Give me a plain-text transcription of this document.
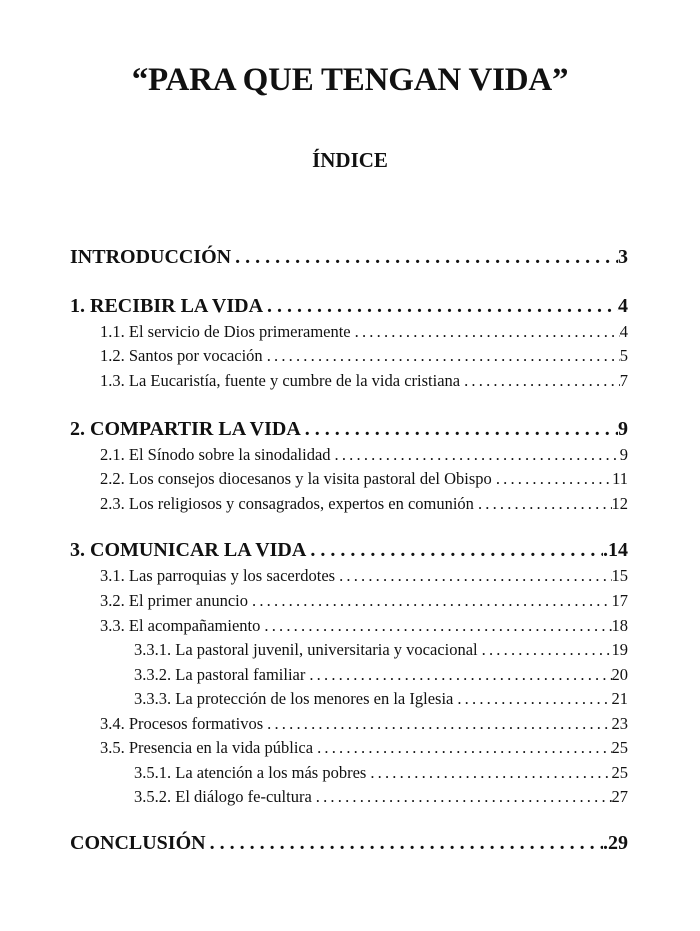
“PARA QUE TENGAN VIDA”
ÍNDICE
INTRODUCCIÓN . . .	3
1. RECIBIR LA VIDA . . .	4
1.1. El servicio de Dios primeramente .....	4
1.2. Santos por vocación .....	5
1.3. La Eucaristía, fuente y cumbre de la vida cristiana .....	7
2. COMPARTIR LA VIDA . . .	9
2.1. El Sínodo sobre la sinodalidad .....	9
2.2. Los consejos diocesanos y la visita pastoral del Obispo .....	11
2.3. Los religiosos y consagrados, expertos en comunión .....	12
3. COMUNICAR LA VIDA . . .	.14
3.1. Las parroquias y los sacerdotes .....	15
3.2. El primer anuncio .....	17
3.3. El acompañamiento .....	18
3.3.1. La pastoral juvenil, universitaria y vocacional .....	19
3.3.2. La pastoral familiar .....	20
3.3.3. La protección de los menores en la Iglesia .....	21
3.4. Procesos formativos .....	23
3.5. Presencia en la vida pública .....	25
3.5.1. La atención a los más pobres .....	25
3.5.2. El diálogo fe-cultura .....	27
CONCLUSIÓN . . .	.29
